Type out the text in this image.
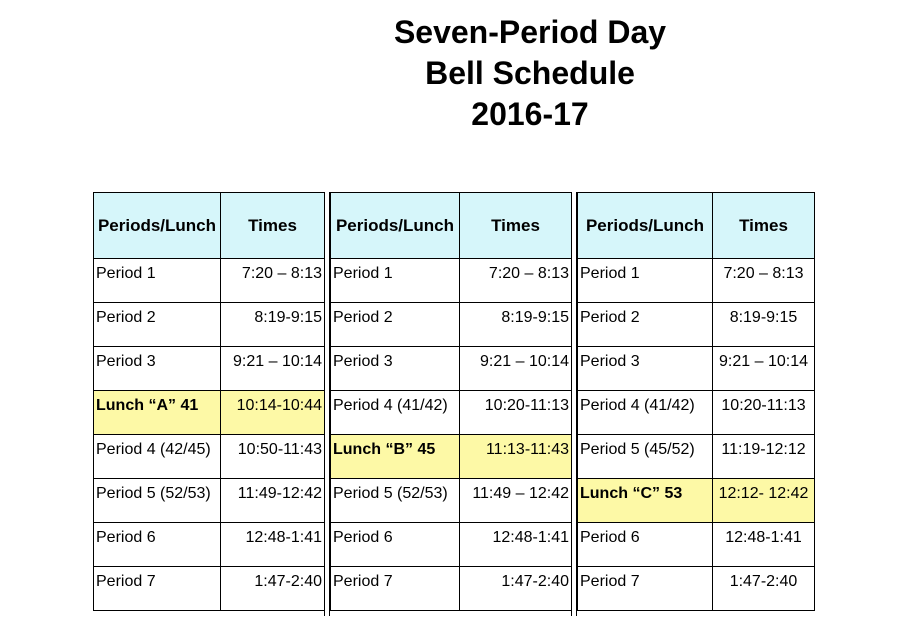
Seven-Period Day
Bell Schedule
2016-17
Periods/Lunch	Times
Period 1	7:20 – 8:13
Period 2	8:19-9:15
Period 3	9:21 – 10:14
Lunch “A” 41	10:14-10:44
Period 4 (42/45)	10:50-11:43
Period 5 (52/53)	11:49-12:42
Period 6	12:48-1:41
Period 7	1:47-2:40
Periods/Lunch	Times
Period 1	7:20 – 8:13
Period 2	8:19-9:15
Period 3	9:21 – 10:14
Period 4 (41/42)	10:20-11:13
Lunch “B” 45	11:13-11:43
Period 5 (52/53)	11:49 – 12:42
Period 6	12:48-1:41
Period 7	1:47-2:40
Periods/Lunch	Times
Period 1	7:20 – 8:13
Period 2	8:19-9:15
Period 3	9:21 – 10:14
Period 4 (41/42)	10:20-11:13
Period 5 (45/52)	11:19-12:12
Lunch “C” 53	12:12- 12:42
Period 6	12:48-1:41
Period 7	1:47-2:40
